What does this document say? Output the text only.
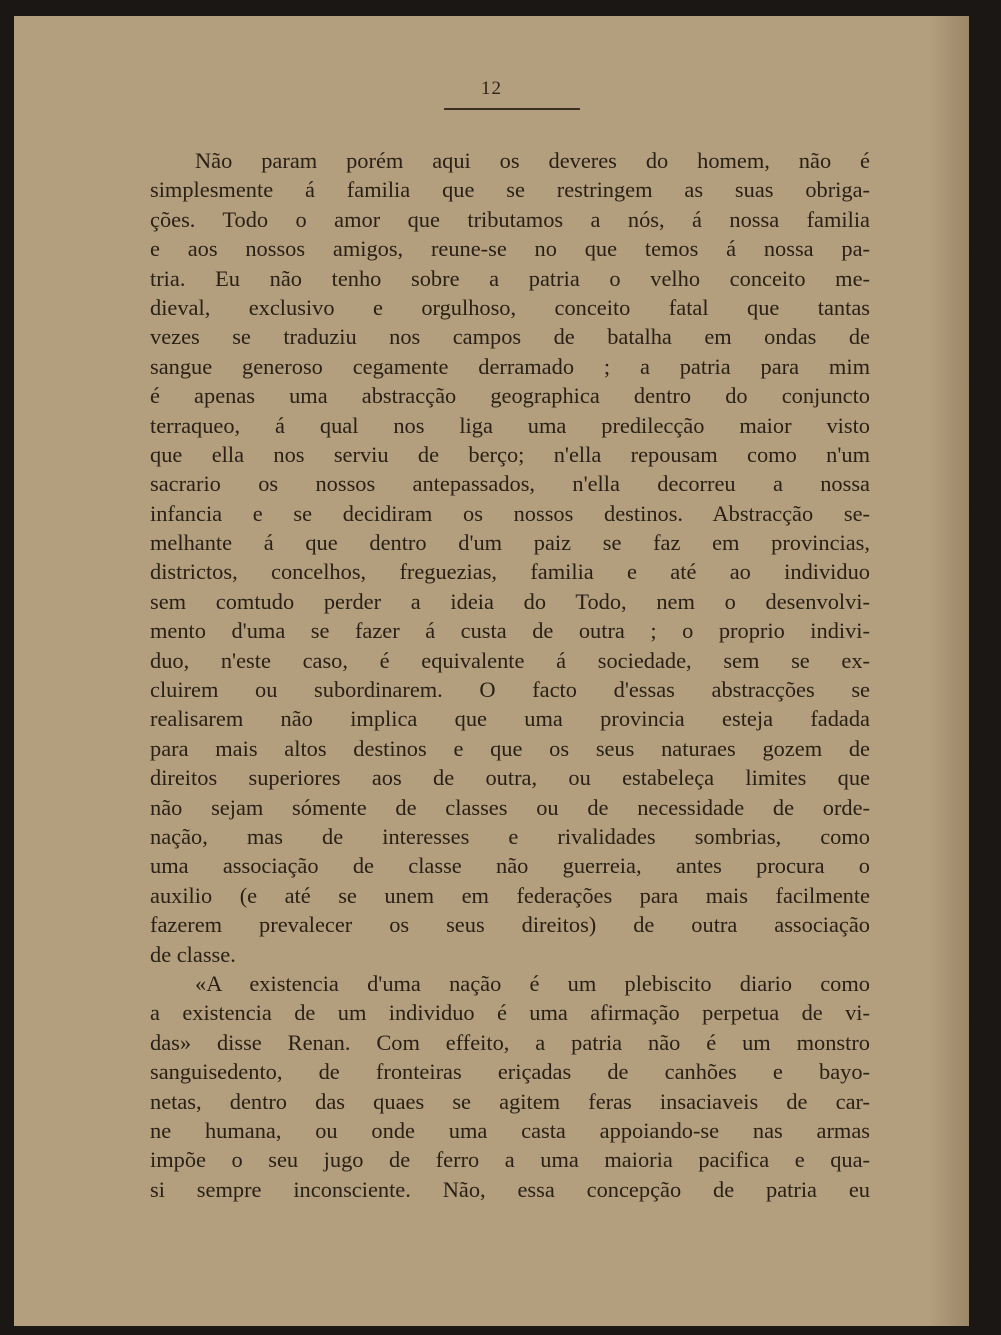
12
Não param porém aqui os deveres do homem, não é
simplesmente á familia que se restringem as suas obriga-
ções. Todo o amor que tributamos a nós, á nossa familia
e aos nossos amigos, reune-se no que temos á nossa pa-
tria. Eu não tenho sobre a patria o velho conceito me-
dieval, exclusivo e orgulhoso, conceito fatal que tantas
vezes se traduziu nos campos de batalha em ondas de
sangue generoso cegamente derramado ; a patria para mim
é apenas uma abstracção geographica dentro do conjuncto
terraqueo, á qual nos liga uma predilecção maior visto
que ella nos serviu de berço; n'ella repousam como n'um
sacrario os nossos antepassados, n'ella decorreu a nossa
infancia e se decidiram os nossos destinos. Abstracção se-
melhante á que dentro d'um paiz se faz em provincias,
districtos, concelhos, freguezias, familia e até ao individuo
sem comtudo perder a ideia do Todo, nem o desenvolvi-
mento d'uma se fazer á custa de outra ; o proprio indivi-
duo, n'este caso, é equivalente á sociedade, sem se ex-
cluirem ou subordinarem. O facto d'essas abstracções se
realisarem não implica que uma provincia esteja fadada
para mais altos destinos e que os seus naturaes gozem de
direitos superiores aos de outra, ou estabeleça limites que
não sejam sómente de classes ou de necessidade de orde-
nação, mas de interesses e rivalidades sombrias, como
uma associação de classe não guerreia, antes procura o
auxilio (e até se unem em federações para mais facilmente
fazerem prevalecer os seus direitos) de outra associação
de classe.
«A existencia d'uma nação é um plebiscito diario como
a existencia de um individuo é uma afirmação perpetua de vi-
das» disse Renan. Com effeito, a patria não é um monstro
sanguisedento, de fronteiras eriçadas de canhões e bayo-
netas, dentro das quaes se agitem feras insaciaveis de car-
ne humana, ou onde uma casta appoiando-se nas armas
impõe o seu jugo de ferro a uma maioria pacifica e qua-
si sempre inconsciente. Não, essa concepção de patria eu
